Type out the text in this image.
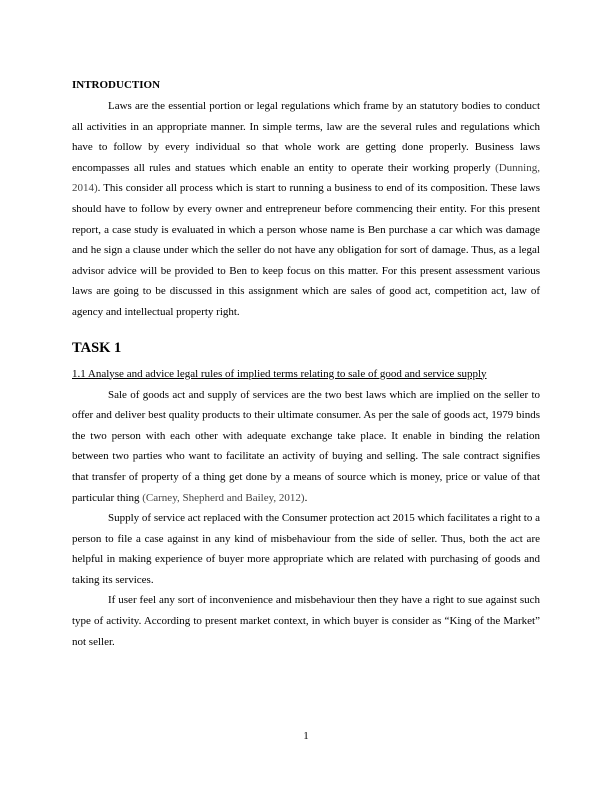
INTRODUCTION

Laws are the essential portion or legal regulations which frame by an statutory bodies to conduct all activities in an appropriate manner. In simple terms, law are the several rules and regulations which have to follow by every individual so that whole work are getting done properly. Business laws encompasses all rules and statues which enable an entity to operate their working properly (Dunning, 2014). This consider all process which is start to running a business to end of its composition. These laws should have to follow by every owner and entrepreneur before commencing their entity. For this present report, a case study is evaluated in which a person whose name is Ben purchase a car which was damage and he sign a clause under which the seller do not have any obligation for sort of damage. Thus, as a legal advisor advice will be provided to Ben to keep focus on this matter. For this present assessment various laws are going to be discussed in this assignment which are sales of good act, competition act, law of agency and intellectual property right.

TASK 1
1.1 Analyse and advice legal rules of implied terms relating to sale of good and service supply

Sale of goods act and supply of services are the two best laws which are implied on the seller to offer and deliver best quality products to their ultimate consumer. As per the sale of goods act, 1979 binds the two person with each other with adequate exchange take place. It enable in binding the relation between two parties who want to facilitate an activity of buying and selling. The sale contract signifies that transfer of property of a thing get done by a means of source which is money, price or value of that particular thing (Carney, Shepherd and Bailey, 2012).

Supply of service act replaced with the Consumer protection act 2015 which facilitates a right to a person to file a case against in any kind of misbehaviour from the side of seller. Thus, both the act are helpful in making experience of buyer more appropriate which are related with purchasing of goods and taking its services.

If user feel any sort of inconvenience and misbehaviour then they have a right to sue against such type of activity. According to present market context, in which buyer is consider as “King of the Market” not seller.

1
